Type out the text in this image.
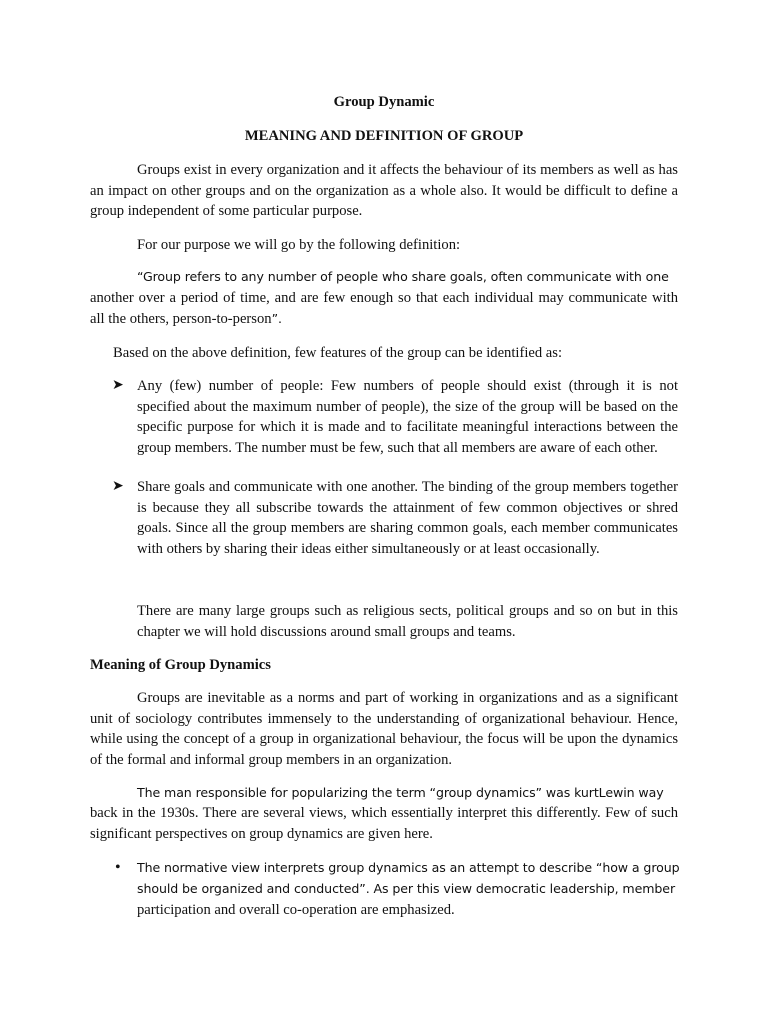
Group Dynamic

MEANING AND DEFINITION OF GROUP

Groups exist in every organization and it affects the behaviour of its members as well as has an impact on other groups and on the organization as a whole also. It would be difficult to define a group independent of some particular purpose.

For our purpose we will go by the following definition:

“Group refers to any number of people who share goals, often communicate with one

another over a period of time, and are few enough so that each individual may communicate with

all the others, person-to-person”.

Based on the above definition, few features of the group can be identified as:

➤ Any (few) number of people: Few numbers of people should exist (through it is not specified about the maximum number of people), the size of the group will be based on the specific purpose for which it is made and to facilitate meaningful interactions between the group members. The number must be few, such that all members are aware of each other.

➤ Share goals and communicate with one another. The binding of the group members together is because they all subscribe towards the attainment of few common objectives or shred goals. Since all the group members are sharing common goals, each member communicates with others by sharing their ideas either simultaneously or at least occasionally.

There are many large groups such as religious sects, political groups and so on but in this chapter we will hold discussions around small groups and teams.

Meaning of Group Dynamics

Groups are inevitable as a norms and part of working in organizations and as a significant unit of sociology contributes immensely to the understanding of organizational behaviour. Hence, while using the concept of a group in organizational behaviour, the focus will be upon the dynamics of the formal and informal group members in an organization.

The man responsible for popularizing the term “group dynamics” was kurtLewin way

back in the 1930s. There are several views, which essentially interpret this differently. Few of such significant perspectives on group dynamics are given here.

• The normative view interprets group dynamics as an attempt to describe “how a group

should be organized and conducted”. As per this view democratic leadership, member

participation and overall co-operation are emphasized.
